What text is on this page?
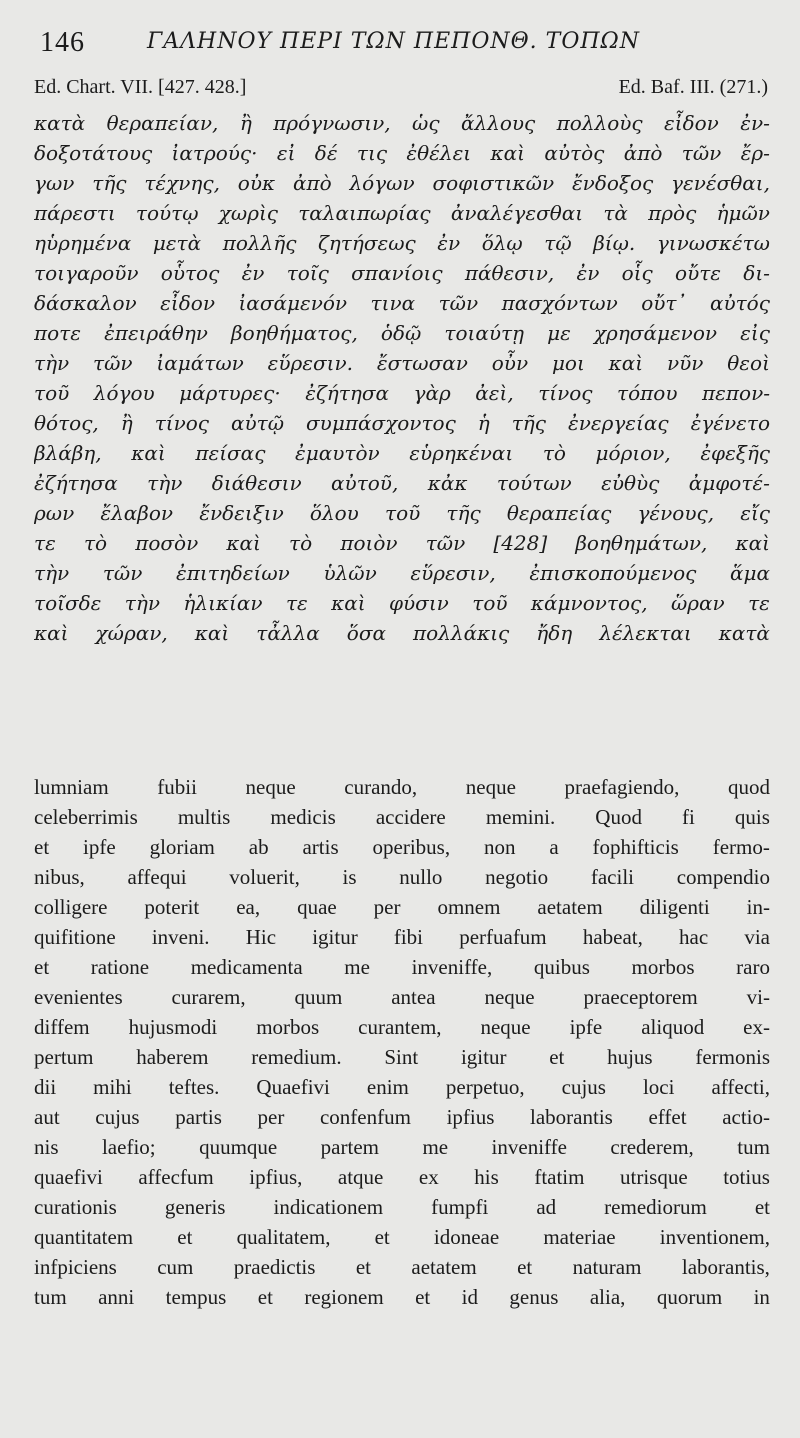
146	ΓΑΛΗΝΟΥ ΠΕΡΙ ΤΩΝ ΠΕΠΟΝΘ. ΤΟΠΩΝ
Ed. Chart. VII. [427. 428.]	Ed. Baf. III. (271.)
κατὰ θεραπείαν, ἢ πρόγνωσιν, ὡς ἄλλους πολλοὺς εἶδον ἐν-
δοξοτάτους ἰατρούς· εἰ δέ τις ἐθέλει καὶ αὐτὸς ἀπὸ τῶν ἔρ-
γων τῆς τέχνης, οὐκ ἀπὸ λόγων σοφιστικῶν ἔνδοξος γενέσθαι,
πάρεστι τούτῳ χωρὶς ταλαιπωρίας ἀναλέγεσθαι τὰ πρὸς ἡμῶν
ηὑρημένα μετὰ πολλῆς ζητήσεως ἐν ὅλῳ τῷ βίῳ. γινωσκέτω
τοιγαροῦν οὗτος ἐν τοῖς σπανίοις πάθεσιν, ἐν οἷς οὔτε δι-
δάσκαλον εἶδον ἰασάμενόν τινα τῶν πασχόντων οὔτ᾽ αὐτός
ποτε ἐπειράθην βοηθήματος, ὁδῷ τοιαύτῃ με χρησάμενον εἰς
τὴν τῶν ἰαμάτων εὕρεσιν. ἔστωσαν οὖν μοι καὶ νῦν θεοὶ
τοῦ λόγου μάρτυρες· ἐζήτησα γὰρ ἀεὶ, τίνος τόπου πεπον-
θότος, ἢ τίνος αὐτῷ συμπάσχοντος ἡ τῆς ἐνεργείας ἐγένετο
βλάβη, καὶ πείσας ἐμαυτὸν εὑρηκέναι τὸ μόριον, ἐφεξῆς
ἐζήτησα τὴν διάθεσιν αὐτοῦ, κἀκ τούτων εὐθὺς ἀμφοτέ-
ρων ἔλαβον ἔνδειξιν ὅλου τοῦ τῆς θεραπείας γένους, εἴς
τε τὸ ποσὸν καὶ τὸ ποιὸν τῶν [428] βοηθημάτων, καὶ
τὴν τῶν ἐπιτηδείων ὑλῶν εὕρεσιν, ἐπισκοπούμενος ἅμα
τοῖσδε τὴν ἡλικίαν τε καὶ φύσιν τοῦ κάμνοντος, ὥραν τε
καὶ χώραν, καὶ τἆλλα ὅσα πολλάκις ἤδη λέλεκται κατὰ
lumniam fubii neque curando, neque praefagiendo, quod
celeberrimis multis medicis accidere memini. Quod fi quis
et ipfe gloriam ab artis operibus, non a fophifticis fermo-
nibus, affequi voluerit, is nullo negotio facili compendio
colligere poterit ea, quae per omnem aetatem diligenti in-
quifitione inveni. Hic igitur fibi perfuafum habeat, hac via
et ratione medicamenta me inveniffe, quibus morbos raro
evenientes curarem, quum antea neque praeceptorem vi-
diffem hujusmodi morbos curantem, neque ipfe aliquod ex-
pertum haberem remedium. Sint igitur et hujus fermonis
dii mihi teftes. Quaefivi enim perpetuo, cujus loci affecti,
aut cujus partis per confenfum ipfius laborantis effet actio-
nis laefio; quumque partem me inveniffe crederem, tum
quaefivi affecfum ipfius, atque ex his ftatim utrisque totius
curationis generis indicationem fumpfi ad remediorum et
quantitatem et qualitatem, et idoneae materiae inventionem,
infpiciens cum praedictis et aetatem et naturam laborantis,
tum anni tempus et regionem et id genus alia, quorum in
